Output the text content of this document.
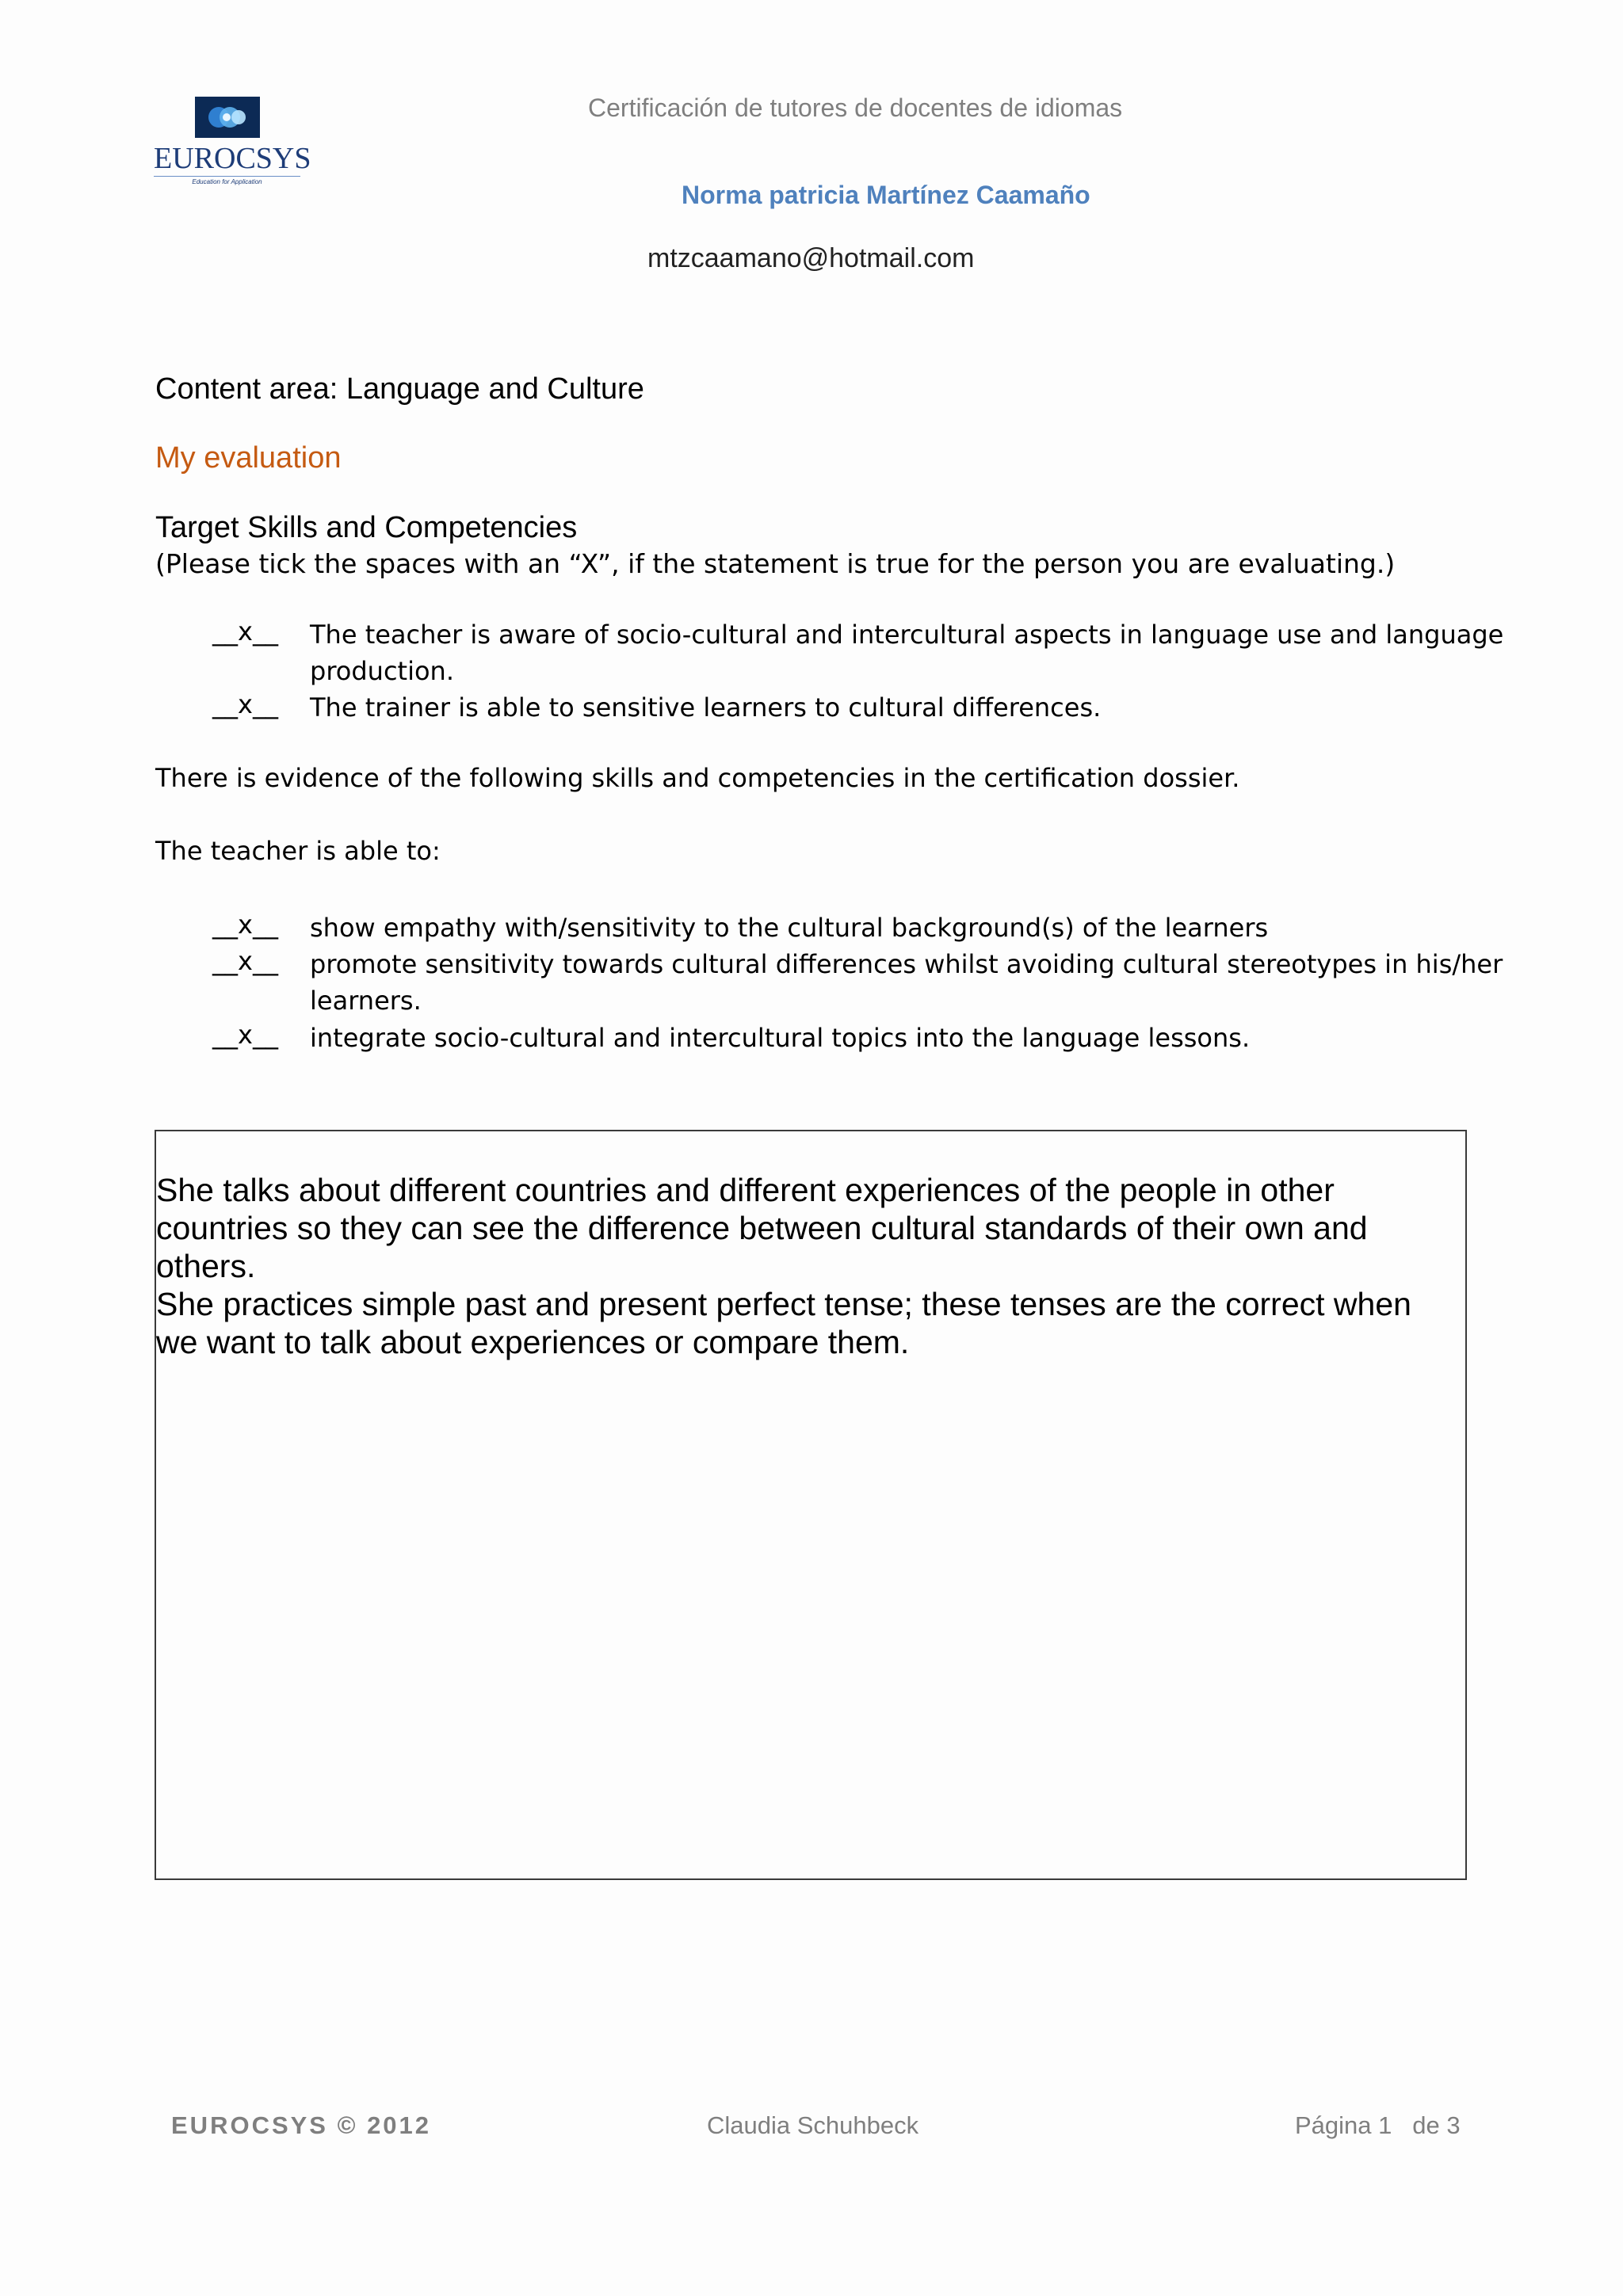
EUROCSYS
Education for Application
Certificación de tutores de docentes de idiomas
Norma patricia Martínez Caamaño
mtzcaamano@hotmail.com
Content area: Language and Culture
My evaluation
Target Skills and Competencies
(Please tick the spaces with an “X”, if the statement is true for the person you are evaluating.)
__x__	The teacher is aware of socio-cultural and intercultural aspects in language use and language production.
__x__	The trainer is able to sensitive learners to cultural differences.
There is evidence of the following skills and competencies in the certification dossier.
The teacher is able to:
__x__	show empathy with/sensitivity to the cultural background(s) of the learners
__x__	promote sensitivity towards cultural differences whilst avoiding cultural stereotypes in his/her learners.
__x__	integrate socio-cultural and intercultural topics into the language lessons.
She talks about different countries and different experiences of the people in other countries so they can see the difference between cultural standards of their own and others.
She practices simple past and present perfect tense; these tenses are the correct when we want to talk about experiences or compare them.
EUROCSYS © 2012	Claudia Schuhbeck	Página 1 de 3
